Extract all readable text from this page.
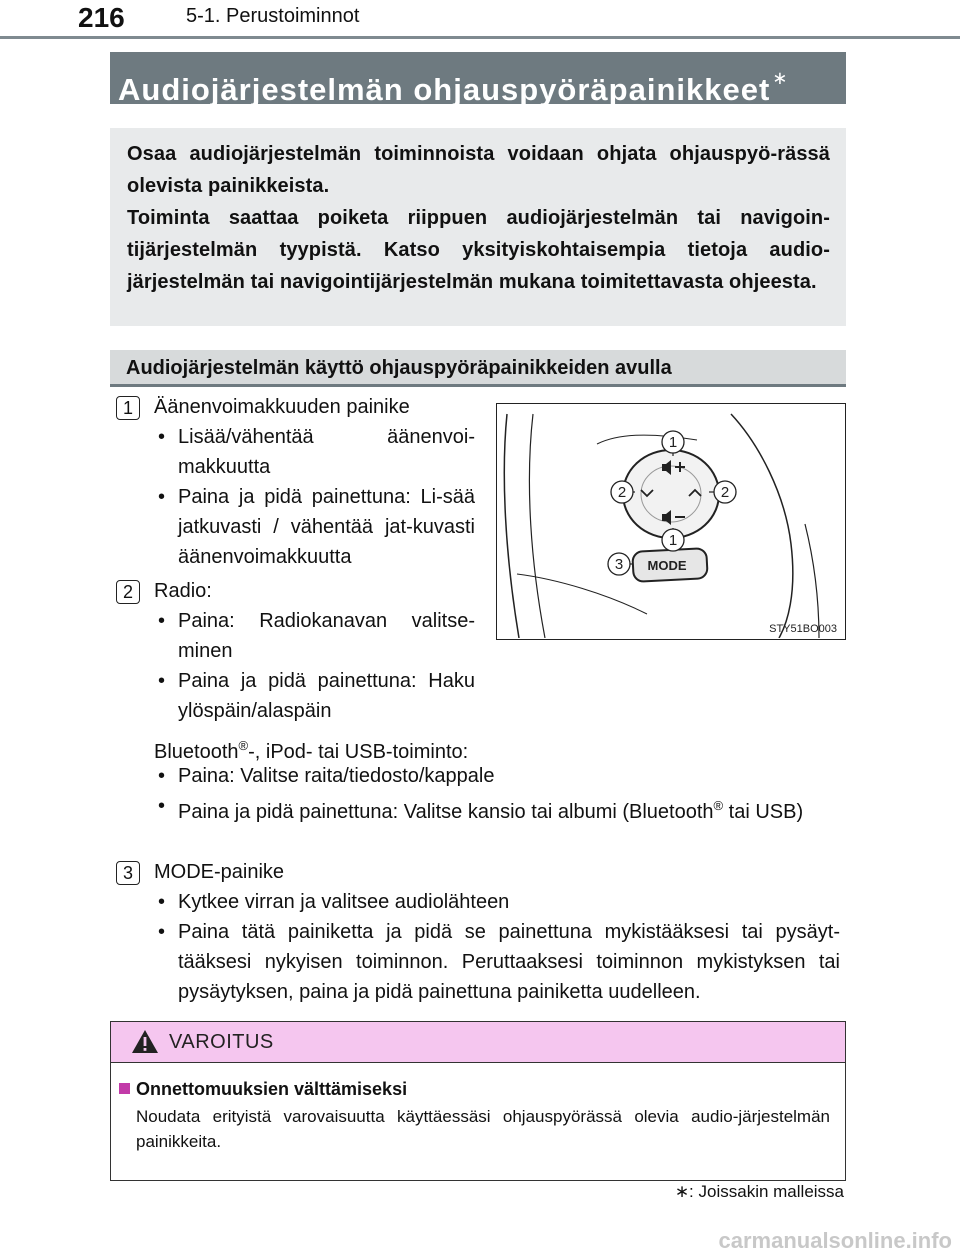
216	5-1. Perustoiminnot
Audiojärjestelmän ohjauspyöräpainikkeet ∗

Osaa audiojärjestelmän toiminnoista voidaan ohjata ohjauspyö-rässä olevista painikkeista.

Toiminta saattaa poiketa riippuen audiojärjestelmän tai navigoin-tijärjestelmän tyypistä. Katso yksityiskohtaisempia tietoja audio-järjestelmän tai navigointijärjestelmän mukana toimitettavasta ohjeesta.

Audiojärjestelmän käyttö ohjauspyöräpainikkeiden avulla
1	Äänenvoimakkuuden painike
• Lisää/vähentää äänenvoi-makkuutta
• Paina ja pidä painettuna: Li-sää jatkuvasti / vähentää jat-kuvasti äänenvoimakkuutta
2	Radio:
• Paina: Radiokanavan valitse-minen
• Paina ja pidä painettuna: Haku ylöspäin/alaspäin
Bluetooth®-, iPod- tai USB-toiminto:
• Paina: Valitse raita/tiedosto/kappale
• Paina ja pidä painettuna: Valitse kansio tai albumi (Bluetooth® tai USB)
3	MODE-painike
• Kytkee virran ja valitsee audiolähteen
• Paina tätä painiketta ja pidä se painettuna mykistääksesi tai pysäyt-tääksesi nykyisen toiminnon. Peruttaaksesi toiminnon mykistyksen tai pysäytyksen, paina ja pidä painettuna painiketta uudelleen.
MODE
1
2	2
1
3
STY51BO003
VAROITUS
Onnettomuuksien välttämiseksi

Noudata erityistä varovaisuutta käyttäessäsi ohjauspyörässä olevia audio-järjestelmän painikkeita.

∗: Joissakin malleissa
carmanualsonline.info
